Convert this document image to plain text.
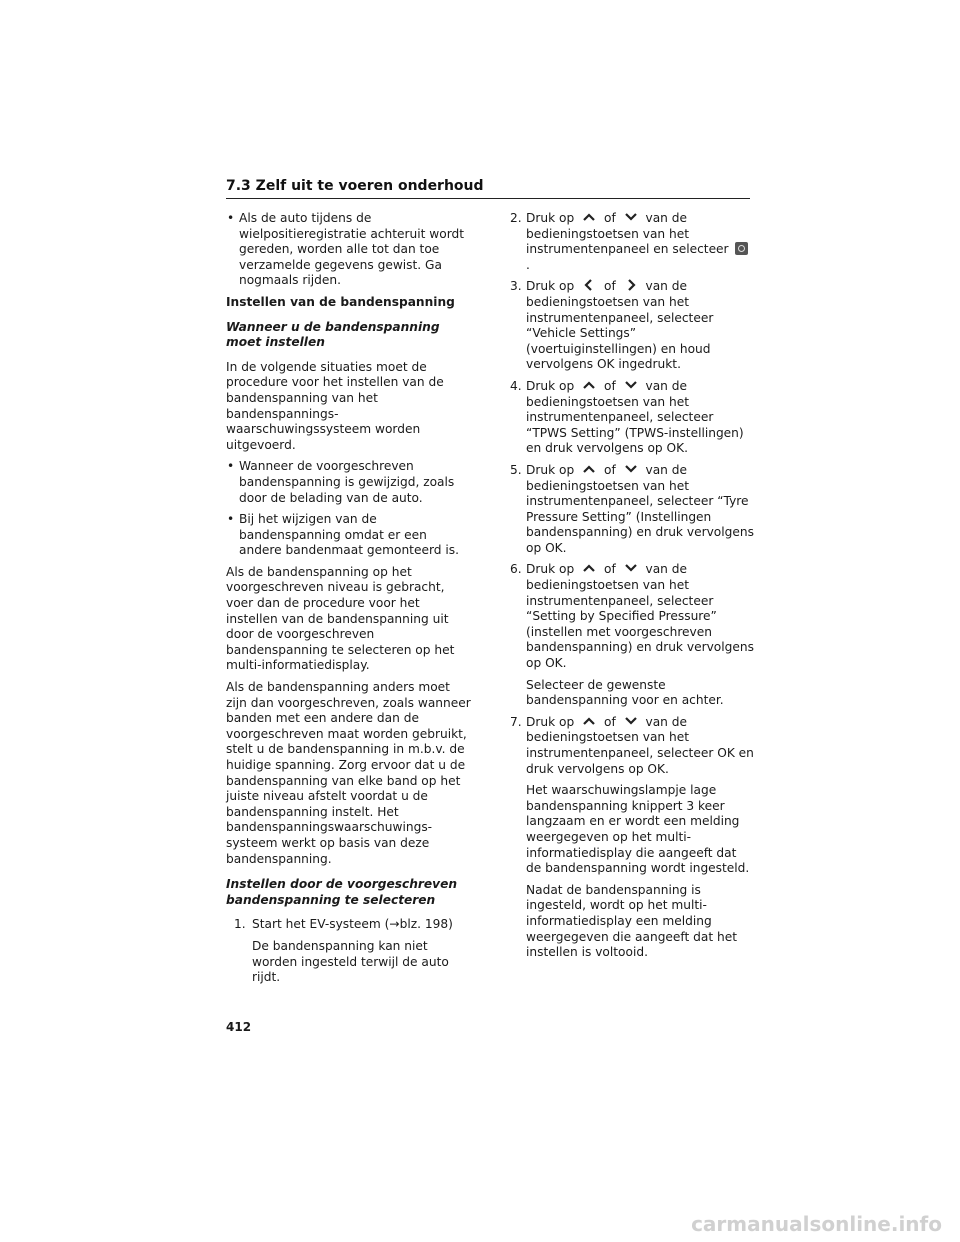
7.3 Zelf uit te voeren onderhoud
• Als de auto tijdens de wielpositieregistratie achteruit wordt gereden, worden alle tot dan toe verzamelde gegevens gewist. Ga nogmaals rijden.
Instellen van de bandenspanning
Wanneer u de bandenspanning moet instellen

In de volgende situaties moet de procedure voor het instellen van de bandenspanning van het bandenspannings-waarschuwingssysteem worden uitgevoerd.

• Wanneer de voorgeschreven bandenspanning is gewijzigd, zoals door de belading van de auto.
• Bij het wijzigen van de bandenspanning omdat er een andere bandenmaat gemonteerd is.

Als de bandenspanning op het voorgeschreven niveau is gebracht, voer dan de procedure voor het instellen van de bandenspanning uit door de voorgeschreven bandenspanning te selecteren op het multi-informatiedisplay.

Als de bandenspanning anders moet zijn dan voorgeschreven, zoals wanneer banden met een andere dan de voorgeschreven maat worden gebruikt, stelt u de bandenspanning in m.b.v. de huidige spanning. Zorg ervoor dat u de bandenspanning van elke band op het juiste niveau afstelt voordat u de bandenspanning instelt. Het bandenspanningswaarschuwings-systeem werkt op basis van deze bandenspanning.

Instellen door de voorgeschreven bandenspanning te selecteren
1. Start het EV-systeem (→blz. 198)
De bandenspanning kan niet worden ingesteld terwijl de auto rijdt.
2. Druk op of van de bedieningstoetsen van het instrumentenpaneel en selecteer .
3. Druk op of van de bedieningstoetsen van het instrumentenpaneel, selecteer “Vehicle Settings” (voertuiginstellingen) en houd vervolgens OK ingedrukt.
4. Druk op of van de bedieningstoetsen van het instrumentenpaneel, selecteer “TPWS Setting” (TPWS-instellingen) en druk vervolgens op OK.
5. Druk op of van de bedieningstoetsen van het instrumentenpaneel, selecteer “Tyre Pressure Setting” (Instellingen bandenspanning) en druk vervolgens op OK.
6. Druk op of van de bedieningstoetsen van het instrumentenpaneel, selecteer “Setting by Specified Pressure” (instellen met voorgeschreven bandenspanning) en druk vervolgens op OK.
Selecteer de gewenste bandenspanning voor en achter.
7. Druk op of van de bedieningstoetsen van het instrumentenpaneel, selecteer OK en druk vervolgens op OK.
Het waarschuwingslampje lage bandenspanning knippert 3 keer langzaam en er wordt een melding weergegeven op het multi-informatiedisplay die aangeeft dat de bandenspanning wordt ingesteld.
Nadat de bandenspanning is ingesteld, wordt op het multi-informatiedisplay een melding weergegeven die aangeeft dat het instellen is voltooid.
412
carmanualsonline.info
